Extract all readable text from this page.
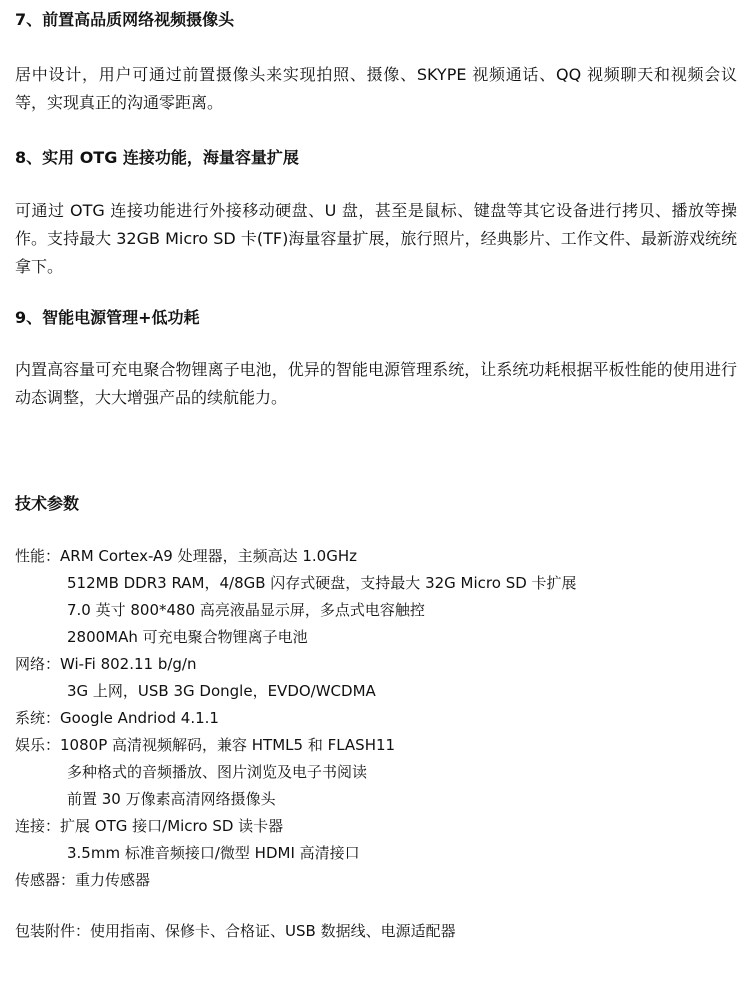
7、前置高品质网络视频摄像头
居中设计，用户可通过前置摄像头来实现拍照、摄像、SKYPE 视频通话、QQ 视频聊天和视频会议等，实现真正的沟通零距离。
8、实用 OTG 连接功能，海量容量扩展
可通过 OTG 连接功能进行外接移动硬盘、U 盘，甚至是鼠标、键盘等其它设备进行拷贝、播放等操作。支持最大 32GB Micro SD 卡(TF)海量容量扩展，旅行照片，经典影片、工作文件、最新游戏统统拿下。
9、智能电源管理+低功耗
内置高容量可充电聚合物锂离子电池，优异的智能电源管理系统，让系统功耗根据平板性能的使用进行动态调整，大大增强产品的续航能力。
技术参数
性能：ARM Cortex-A9 处理器，主频高达 1.0GHz
512MB DDR3 RAM，4/8GB 闪存式硬盘，支持最大 32G Micro SD 卡扩展
7.0 英寸 800*480 高亮液晶显示屏，多点式电容触控
2800MAh 可充电聚合物锂离子电池
网络：Wi-Fi 802.11 b/g/n
3G 上网，USB 3G Dongle，EVDO/WCDMA
系统：Google Andriod 4.1.1
娱乐：1080P 高清视频解码，兼容 HTML5 和 FLASH11
多种格式的音频播放、图片浏览及电子书阅读
前置 30 万像素高清网络摄像头
连接：扩展 OTG 接口/Micro SD 读卡器
3.5mm 标准音频接口/微型 HDMI 高清接口
传感器：重力传感器
包装附件：使用指南、保修卡、合格证、USB 数据线、电源适配器
